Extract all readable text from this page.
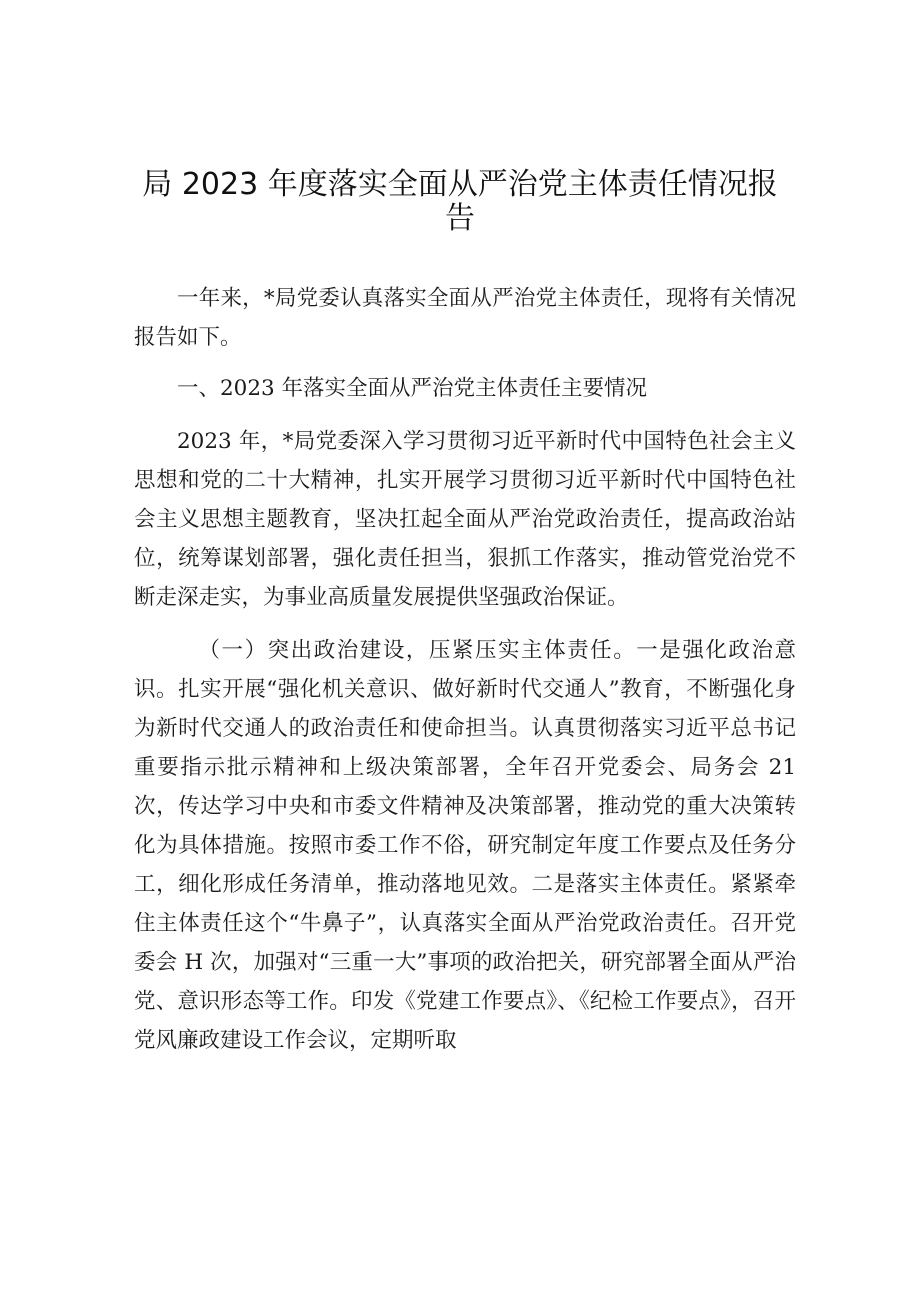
局 2023 年度落实全面从严治党主体责任情况报告

一年来，*局党委认真落实全面从严治党主体责任，现将有关情况报告如下。

一、2023 年落实全面从严治党主体责任主要情况

2023 年，*局党委深入学习贯彻习近平新时代中国特色社会主义思想和党的二十大精神，扎实开展学习贯彻习近平新时代中国特色社会主义思想主题教育，坚决扛起全面从严治党政治责任，提高政治站位，统筹谋划部署，强化责任担当，狠抓工作落实，推动管党治党不断走深走实，为事业高质量发展提供坚强政治保证。

（一）突出政治建设，压紧压实主体责任。一是强化政治意识。扎实开展“强化机关意识、做好新时代交通人”教育，不断强化身为新时代交通人的政治责任和使命担当。认真贯彻落实习近平总书记重要指示批示精神和上级决策部署，全年召开党委会、局务会 21 次，传达学习中央和市委文件精神及决策部署，推动党的重大决策转化为具体措施。按照市委工作不俗，研究制定年度工作要点及任务分工，细化形成任务清单，推动落地见效。二是落实主体责任。紧紧牵住主体责任这个“牛鼻子”，认真落实全面从严治党政治责任。召开党委会 H 次，加强对“三重一大”事项的政治把关，研究部署全面从严治党、意识形态等工作。印发《党建工作要点》、《纪检工作要点》，召开党风廉政建设工作会议，定期听取
